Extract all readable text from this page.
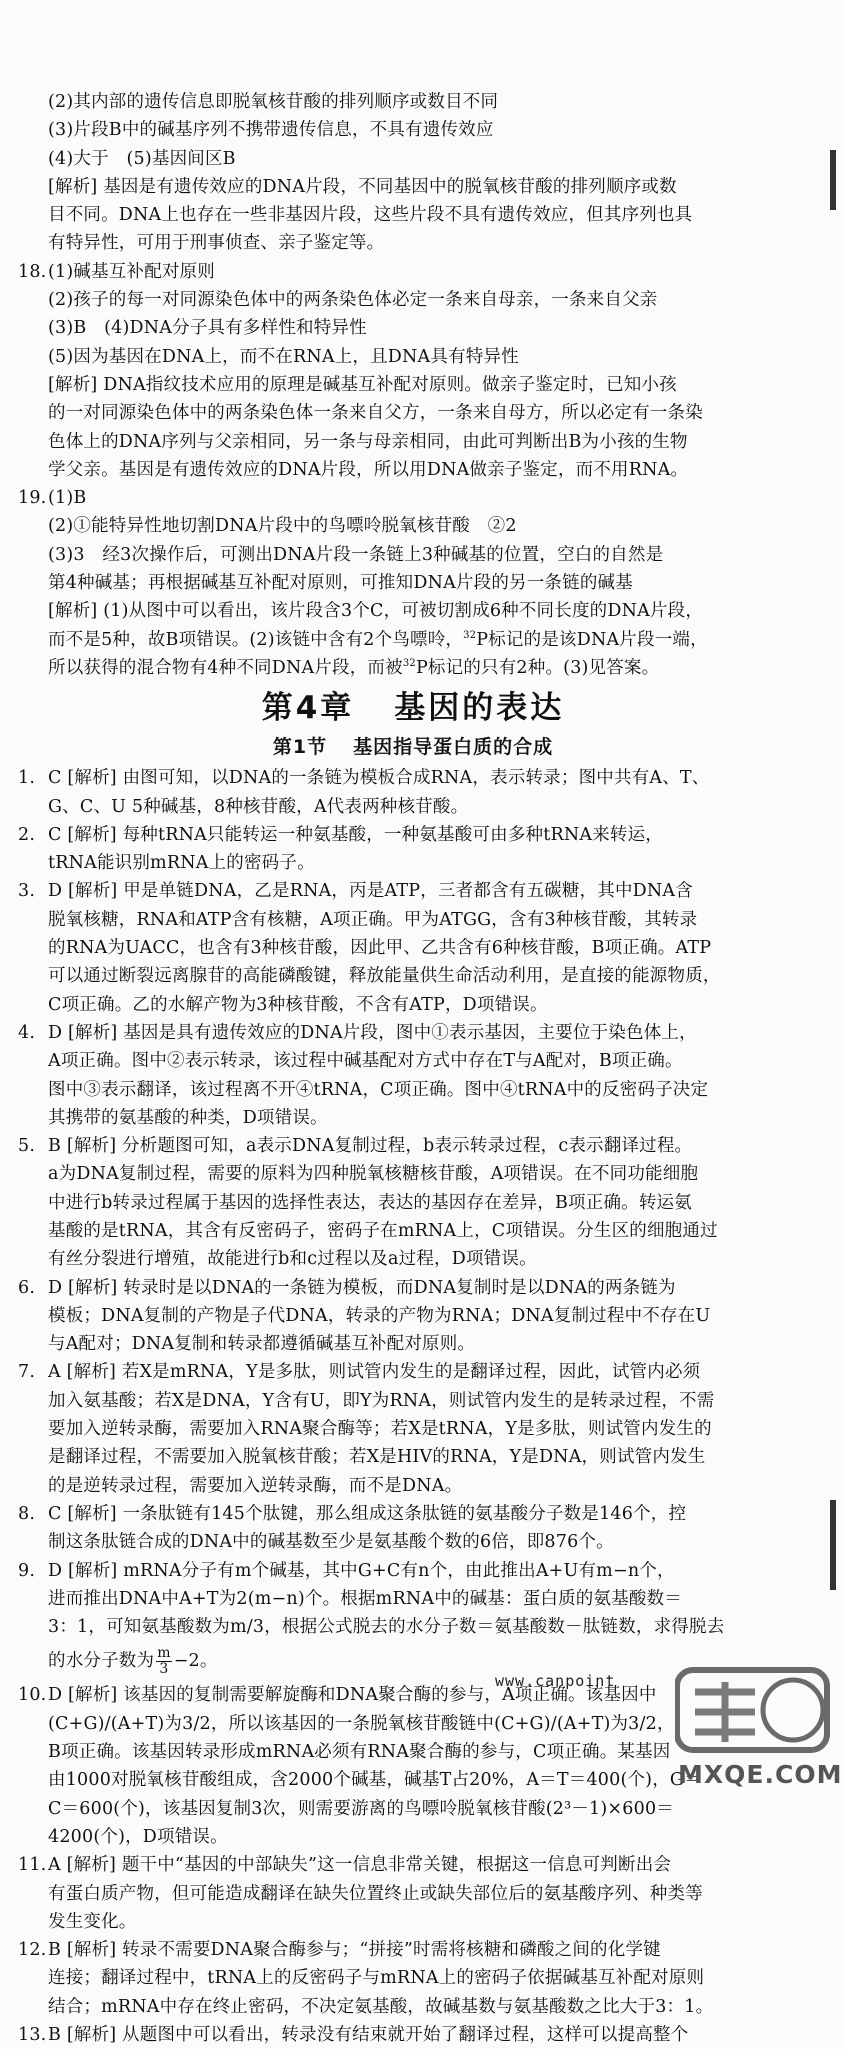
(2)其内部的遗传信息即脱氧核苷酸的排列顺序或数目不同
(3)片段B中的碱基序列不携带遗传信息，不具有遗传效应
(4)大于　(5)基因间区B
[解析] 基因是有遗传效应的DNA片段，不同基因中的脱氧核苷酸的排列顺序或数
目不同。DNA上也存在一些非基因片段，这些片段不具有遗传效应，但其序列也具
有特异性，可用于刑事侦查、亲子鉴定等。
18.(1)碱基互补配对原则
(2)孩子的每一对同源染色体中的两条染色体必定一条来自母亲，一条来自父亲
(3)B　(4)DNA分子具有多样性和特异性
(5)因为基因在DNA上，而不在RNA上，且DNA具有特异性
[解析] DNA指纹技术应用的原理是碱基互补配对原则。做亲子鉴定时，已知小孩
的一对同源染色体中的两条染色体一条来自父方，一条来自母方，所以必定有一条染
色体上的DNA序列与父亲相同，另一条与母亲相同，由此可判断出B为小孩的生物
学父亲。基因是有遗传效应的DNA片段，所以用DNA做亲子鉴定，而不用RNA。
19.(1)B
(2)①能特异性地切割DNA片段中的鸟嘌呤脱氧核苷酸　②2
(3)3　经3次操作后，可测出DNA片段一条链上3种碱基的位置，空白的自然是
第4种碱基；再根据碱基互补配对原则，可推知DNA片段的另一条链的碱基
[解析] (1)从图中可以看出，该片段含3个C，可被切割成6种不同长度的DNA片段，
而不是5种，故B项错误。(2)该链中含有2个鸟嘌呤，$^{32}$P标记的是该DNA片段一端，
所以获得的混合物有4种不同DNA片段，而被$^{32}$P标记的只有2种。(3)见答案。
第4章 基因的表达
第1节 基因指导蛋白质的合成
1. C [解析] 由图可知，以DNA的一条链为模板合成RNA，表示转录；图中共有A、T、
G、C、U 5种碱基，8种核苷酸，A代表两种核苷酸。
2. C [解析] 每种tRNA只能转运一种氨基酸，一种氨基酸可由多种tRNA来转运，
tRNA能识别mRNA上的密码子。
3. D [解析] 甲是单链DNA，乙是RNA，丙是ATP，三者都含有五碳糖，其中DNA含
脱氧核糖，RNA和ATP含有核糖，A项正确。甲为ATGG，含有3种核苷酸，其转录
的RNA为UACC，也含有3种核苷酸，因此甲、乙共含有6种核苷酸，B项正确。ATP
可以通过断裂远离腺苷的高能磷酸键，释放能量供生命活动利用，是直接的能源物质，
C项正确。乙的水解产物为3种核苷酸，不含有ATP，D项错误。
4. D [解析] 基因是具有遗传效应的DNA片段，图中①表示基因，主要位于染色体上，
A项正确。图中②表示转录，该过程中碱基配对方式中存在T与A配对，B项正确。
图中③表示翻译，该过程离不开④tRNA，C项正确。图中④tRNA中的反密码子决定
其携带的氨基酸的种类，D项错误。
5. B [解析] 分析题图可知，a表示DNA复制过程，b表示转录过程，c表示翻译过程。
a为DNA复制过程，需要的原料为四种脱氧核糖核苷酸，A项错误。在不同功能细胞
中进行b转录过程属于基因的选择性表达，表达的基因存在差异，B项正确。转运氨
基酸的是tRNA，其含有反密码子，密码子在mRNA上，C项错误。分生区的细胞通过
有丝分裂进行增殖，故能进行b和c过程以及a过程，D项错误。
6. D [解析] 转录时是以DNA的一条链为模板，而DNA复制时是以DNA的两条链为
模板；DNA复制的产物是子代DNA，转录的产物为RNA；DNA复制过程中不存在U
与A配对；DNA复制和转录都遵循碱基互补配对原则。
7. A [解析] 若X是mRNA，Y是多肽，则试管内发生的是翻译过程，因此，试管内必须
加入氨基酸；若X是DNA，Y含有U，即Y为RNA，则试管内发生的是转录过程，不需
要加入逆转录酶，需要加入RNA聚合酶等；若X是tRNA，Y是多肽，则试管内发生的
是翻译过程，不需要加入脱氧核苷酸；若X是HIV的RNA，Y是DNA，则试管内发生
的是逆转录过程，需要加入逆转录酶，而不是DNA。
8. C [解析] 一条肽链有145个肽键，那么组成这条肽链的氨基酸分子数是146个，控
制这条肽链合成的DNA中的碱基数至少是氨基酸个数的6倍，即876个。
9. D [解析] mRNA分子有m个碱基，其中G+C有n个，由此推出A+U有m−n个，
进而推出DNA中A+T为2(m−n)个。根据mRNA中的碱基：蛋白质的氨基酸数＝
3：1，可知氨基酸数为m/3，根据公式脱去的水分子数＝氨基酸数－肽链数，求得脱去
的水分子数为 $\frac{m}{3} -2$。
10.D [解析] 该基因的复制需要解旋酶和DNA聚合酶的参与，A项正确。该基因中
(C+G)/(A+T)为3/2，所以该基因的一条脱氧核苷酸链中(C+G)/(A+T)为3/2，
B项正确。该基因转录形成mRNA必须有RNA聚合酶的参与，C项正确。某基因
由1000对脱氧核苷酸组成，含2000个碱基，碱基T占20%，A＝T＝400(个)，G＝
C＝600(个)，该基因复制3次，则需要游离的鸟嘌呤脱氧核苷酸(2³－1)×600＝
4200(个)，D项错误。
11.A [解析] 题干中“基因的中部缺失”这一信息非常关键，根据这一信息可判断出会
有蛋白质产物，但可能造成翻译在缺失位置终止或缺失部位后的氨基酸序列、种类等
发生变化。
12.B [解析] 转录不需要DNA聚合酶参与；“拼接”时需将核糖和磷酸之间的化学键
连接；翻译过程中，tRNA上的反密码子与mRNA上的密码子依据碱基互补配对原则
结合；mRNA中存在终止密码，不决定氨基酸，故碱基数与氨基酸数之比大于3：1。
13.B [解析] 从题图中可以看出，转录没有结束就开始了翻译过程，这样可以提高整个
www.canpoint
MXQE.COM
